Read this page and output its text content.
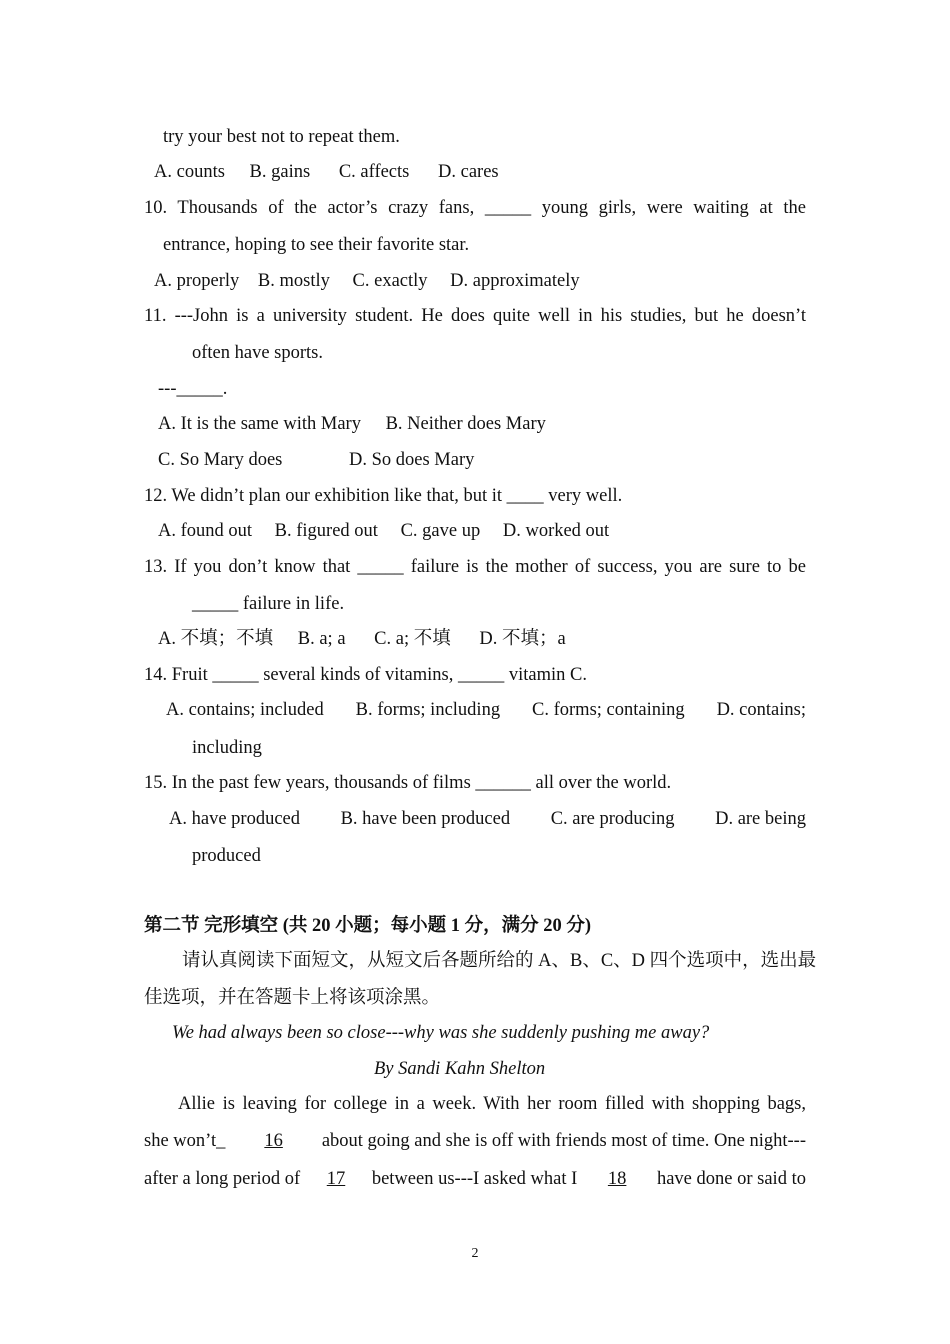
try your best not to repeat them.
A. counts B. gains C. affects D. cares
10. Thousands of the actor’s crazy fans, _____ young girls, were waiting at the
entrance, hoping to see their favorite star.
A. properly B. mostly C. exactly D. approximately
11. ---John is a university student. He does quite well in his studies, but he doesn’t
often have sports.
---_____.
A. It is the same with Mary B. Neither does Mary
C. So Mary does	D. So does Mary
12. We didn’t plan our exhibition like that, but it ____ very well.
A. found out B. figured out C. gave up D. worked out
13. If you don’t know that _____ failure is the mother of success, you are sure to be
_____ failure in life.
A. 不填；不填 B. a; a C. a; 不填 D. 不填；a
14. Fruit _____ several kinds of vitamins, _____ vitamin C.
A. contains; included B. forms; including C. forms; containing D. contains;
including
15. In the past few years, thousands of films ______ all over the world.
A. have produced B. have been produced C. are producing D. are being
produced
第二节 完形填空 (共 20 小题；每小题 1 分，满分 20 分)
请认真阅读下面短文，从短文后各题所给的 A、B、C、D 四个选项中，选出最
佳选项，并在答题卡上将该项涂黑。
We had always been so close---why was she suddenly pushing me away?
By Sandi Kahn Shelton
Allie is leaving for college in a week. With her room filled with shopping bags,
she won’t_ 16 about going and she is off with friends most of time. One night---
after a long period of 17 between us---I asked what I	18	have done or said to
2
